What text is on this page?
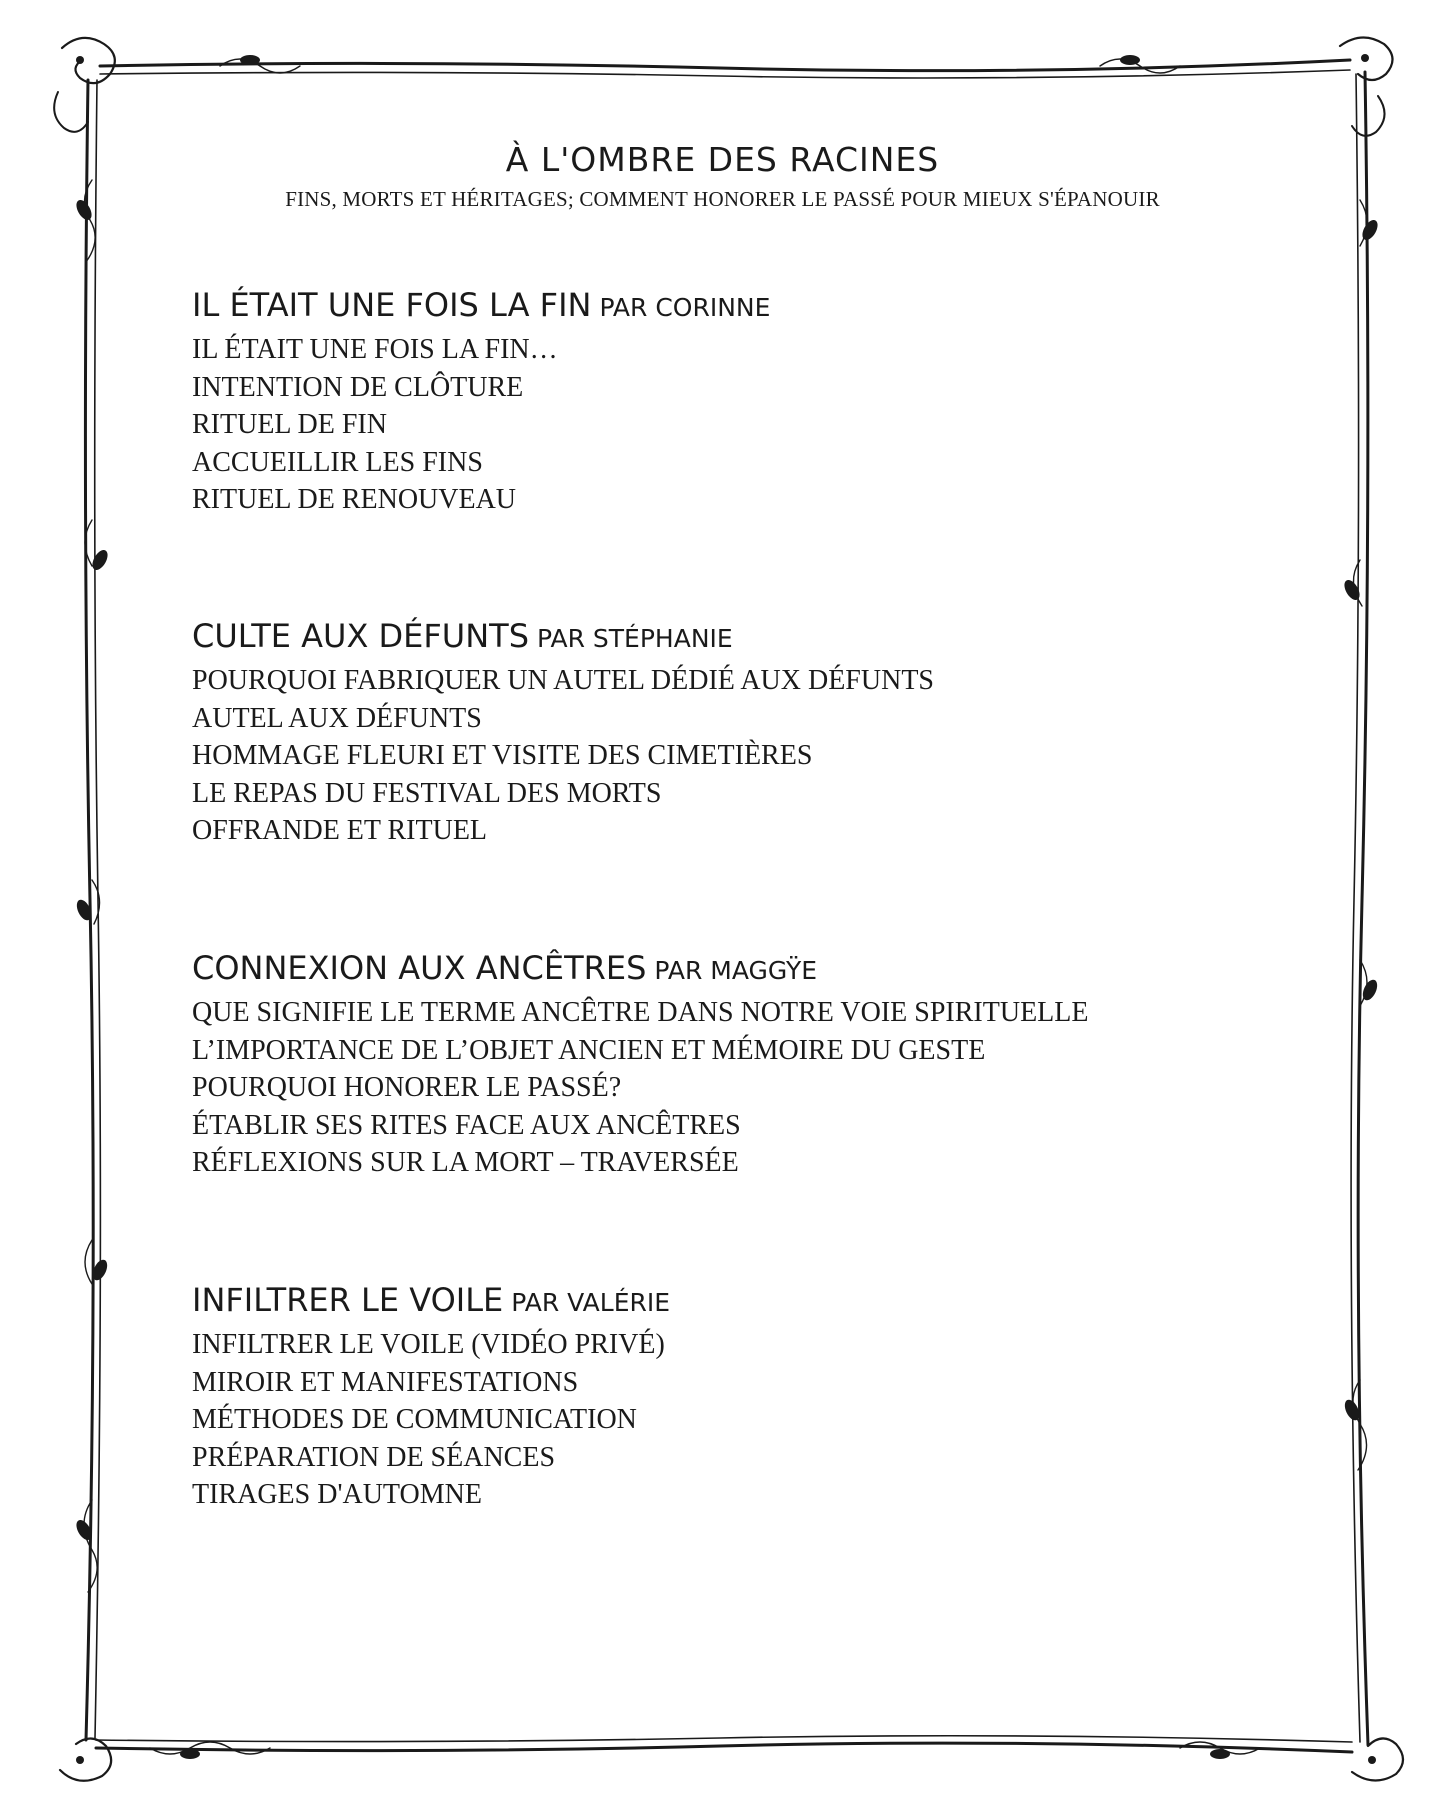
À L'OMBRE DES RACINES
FINS, MORTS ET HÉRITAGES; COMMENT HONORER LE PASSÉ POUR MIEUX S'ÉPANOUIR
IL ÉTAIT UNE FOIS LA FIN PAR CORINNE
IL ÉTAIT UNE FOIS LA FIN…
INTENTION DE CLÔTURE
RITUEL DE FIN
ACCUEILLIR LES FINS
RITUEL DE RENOUVEAU
CULTE AUX DÉFUNTS PAR STÉPHANIE
POURQUOI FABRIQUER UN AUTEL DÉDIÉ AUX DÉFUNTS
AUTEL AUX DÉFUNTS
HOMMAGE FLEURI ET VISITE DES CIMETIÈRES
LE REPAS DU FESTIVAL DES MORTS
OFFRANDE ET RITUEL
CONNEXION AUX ANCÊTRES PAR MAGGŸE
QUE SIGNIFIE LE TERME ANCÊTRE DANS NOTRE VOIE SPIRITUELLE
L’IMPORTANCE DE L’OBJET ANCIEN ET MÉMOIRE DU GESTE
POURQUOI HONORER LE PASSÉ?
ÉTABLIR SES RITES FACE AUX ANCÊTRES
RÉFLEXIONS SUR LA MORT – TRAVERSÉE
INFILTRER LE VOILE PAR VALÉRIE
INFILTRER LE VOILE (VIDÉO PRIVÉ)
MIROIR ET MANIFESTATIONS
MÉTHODES DE COMMUNICATION
PRÉPARATION DE SÉANCES
TIRAGES D'AUTOMNE
